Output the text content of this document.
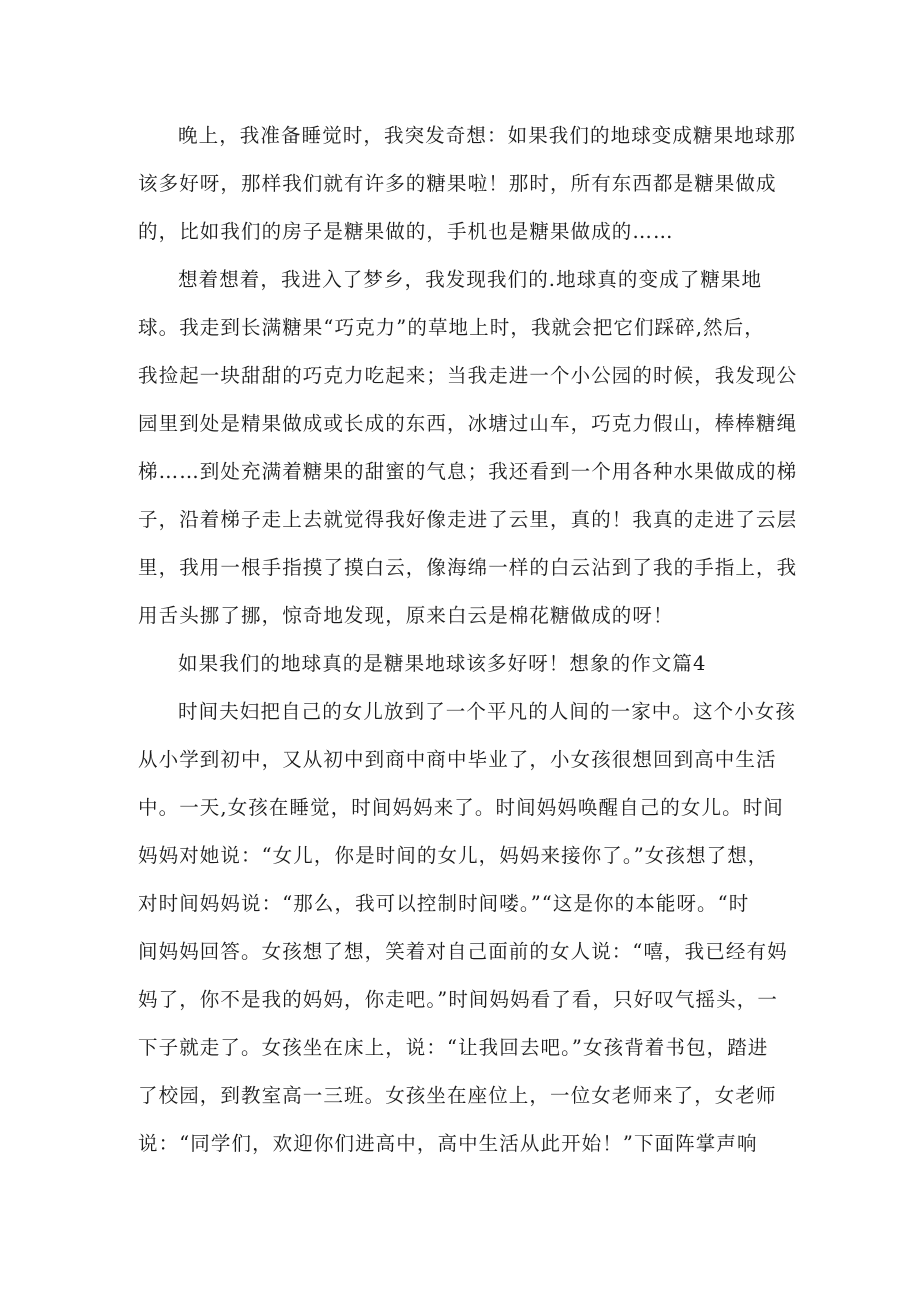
晚上，我准备睡觉时，我突发奇想：如果我们的地球变成糖果地球那
该多好呀，那样我们就有许多的糖果啦！那时，所有东西都是糖果做成
的，比如我们的房子是糖果做的，手机也是糖果做成的……
想着想着，我进入了梦乡，我发现我们的.地球真的变成了糖果地
球。我走到长满糖果“巧克力”的草地上时，我就会把它们踩碎,然后，
我捡起一块甜甜的巧克力吃起来；当我走进一个小公园的时候，我发现公
园里到处是精果做成或长成的东西，冰塘过山车，巧克力假山，棒棒糖绳
梯……到处充满着糖果的甜蜜的气息；我还看到一个用各种水果做成的梯
子，沿着梯子走上去就觉得我好像走进了云里，真的！我真的走进了云层
里，我用一根手指摸了摸白云，像海绵一样的白云沾到了我的手指上，我
用舌头挪了挪，惊奇地发现，原来白云是棉花糖做成的呀！
如果我们的地球真的是糖果地球该多好呀！想象的作文篇4
时间夫妇把自己的女儿放到了一个平凡的人间的一家中。这个小女孩
从小学到初中，又从初中到商中商中毕业了，小女孩很想回到高中生活
中。一天,女孩在睡觉，时间妈妈来了。时间妈妈唤醒自己的女儿。时间
妈妈对她说：“女儿，你是时间的女儿，妈妈来接你了。”女孩想了想，
对时间妈妈说：“那么，我可以控制时间喽。”“这是你的本能呀。“时
间妈妈回答。女孩想了想，笑着对自己面前的女人说：“嘻，我已经有妈
妈了，你不是我的妈妈，你走吧。”时间妈妈看了看，只好叹气摇头，一
下子就走了。女孩坐在床上，说：“让我回去吧。”女孩背着书包，踏进
了校园，到教室高一三班。女孩坐在座位上，一位女老师来了，女老师
说：“同学们，欢迎你们进高中，高中生活从此开始！”下面阵掌声响
